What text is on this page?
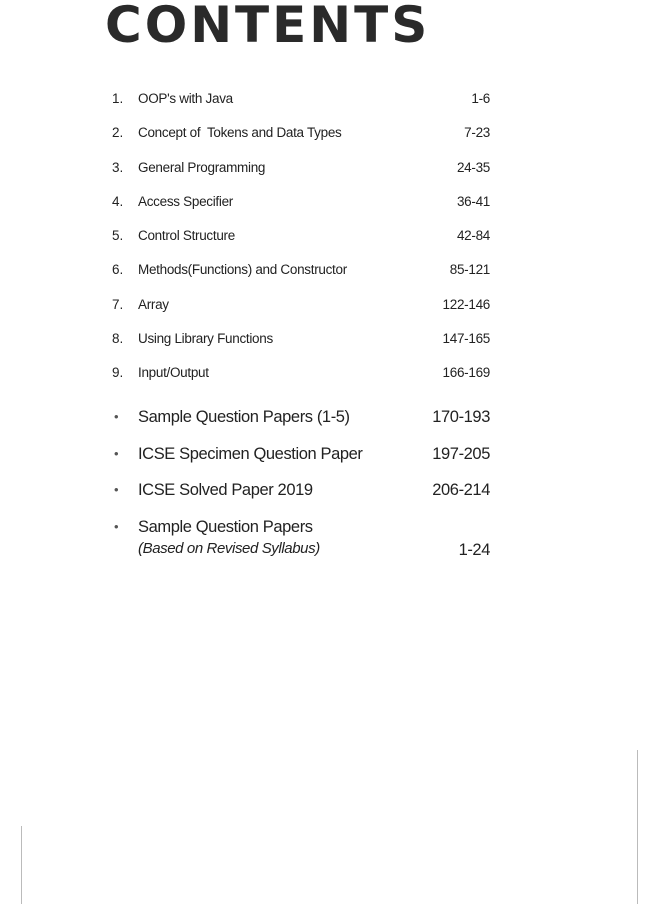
CONTENTS
1.	OOP's with Java	1-6
2.	Concept of  Tokens and Data Types	7-23
3.	General Programming	24-35
4.	Access Specifier	36-41
5.	Control Structure	42-84
6.	Methods(Functions) and Constructor	85-121
7.	Array	122-146
8.	Using Library Functions	147-165
9.	Input/Output	166-169
• Sample Question Papers (1-5)	170-193
• ICSE Specimen Question Paper	197-205
• ICSE Solved Paper 2019	206-214
• Sample Question Papers
(Based on Revised Syllabus)	1-24
